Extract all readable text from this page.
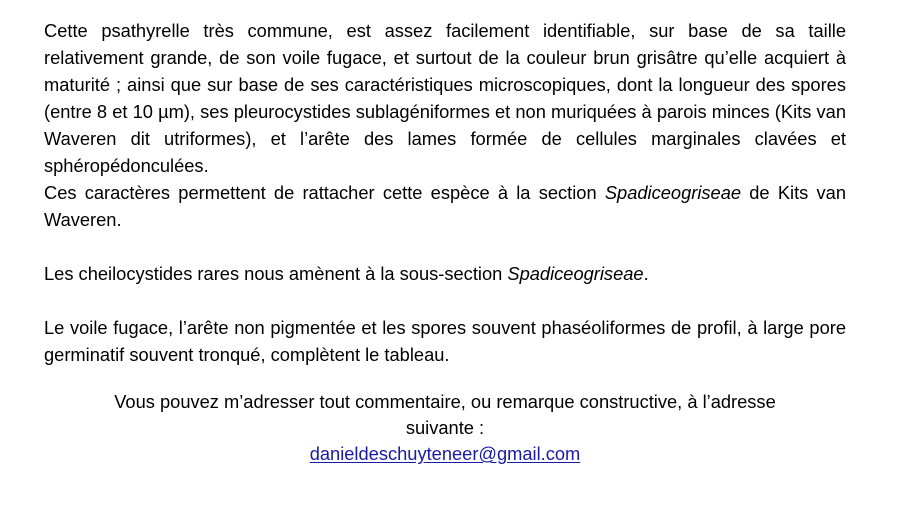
Cette psathyrelle très commune, est assez facilement identifiable, sur base de sa taille relativement grande, de son voile fugace, et surtout de la couleur brun grisâtre qu’elle acquiert à maturité ; ainsi que sur base de ses caractéristiques microscopiques, dont la longueur des spores (entre 8 et 10 µm), ses pleurocystides sublagéniformes et non muriquées à parois minces (Kits van Waveren dit utriformes), et l’arête des lames formée de cellules marginales clavées et sphéropédonculées.

Ces caractères permettent de rattacher cette espèce à la section Spadiceogriseae de Kits van Waveren.

Les cheilocystides rares nous amènent à la sous-section Spadiceogriseae.

Le voile fugace, l’arête non pigmentée et les spores souvent phaséoliformes de profil, à large pore germinatif souvent tronqué, complètent le tableau.

Vous pouvez m’adresser tout commentaire, ou remarque constructive, à l’adresse

suivante :

danieldeschuyteneer@gmail.com
